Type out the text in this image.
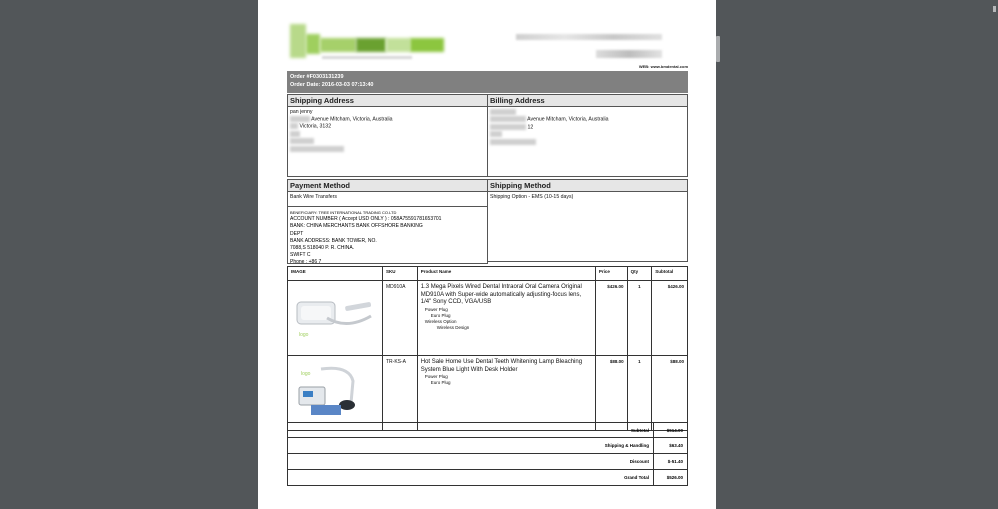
WEB: www.bmdental.com
Order #F0303131239
Order Date: 2016-03-03 07:13:40
Shipping Address
pan jenny
Avenue Mitcham, Victoria, Australia
Victoria, 3132
Billing Address
Avenue Mitcham, Victoria, Australia
12
Payment Method
Bank Wire Transfers
BENEFICIARY: TREE INTERNATIONAL TRADING CO.LTD
ACCOUNT NUMBER ( Accept USD ONLY ) : 058A75591781653701
BANK: CHINA MERCHANTS BANK OFFSHORE BANKING
DEPT
BANK ADDRESS: BANK TOWER, NO.
7088,S 518040 P. R. CHINA.
SWIFT C
Phone : +86 7
Shipping Method
Shipping Option - EMS (10-15 days)
IMAGE	SKU	Product Name	Price	Qty	Subtotal

logo	MD910A	1.3 Mega Pixels Wired Dental Intraoral Oral Camera Original MD910A with Super-wide automatically adjusting-focus lens, 1/4" Sony CCD, VGA/USB
Power Plug
Euro Plug
Wireless Option
Wireless Design	$426.00	1	$426.00

logo	TR-KS-A	Hot Sale Home Use Dental Teeth Whitening Lamp Bleaching System Blue Light With Desk Holder
Power Plug
Euro Plug	$88.00	1	$88.00
Subtotal	$514.00
Shipping & Handling	$63.40
Discount	$-51.40
Grand Total	$526.00
